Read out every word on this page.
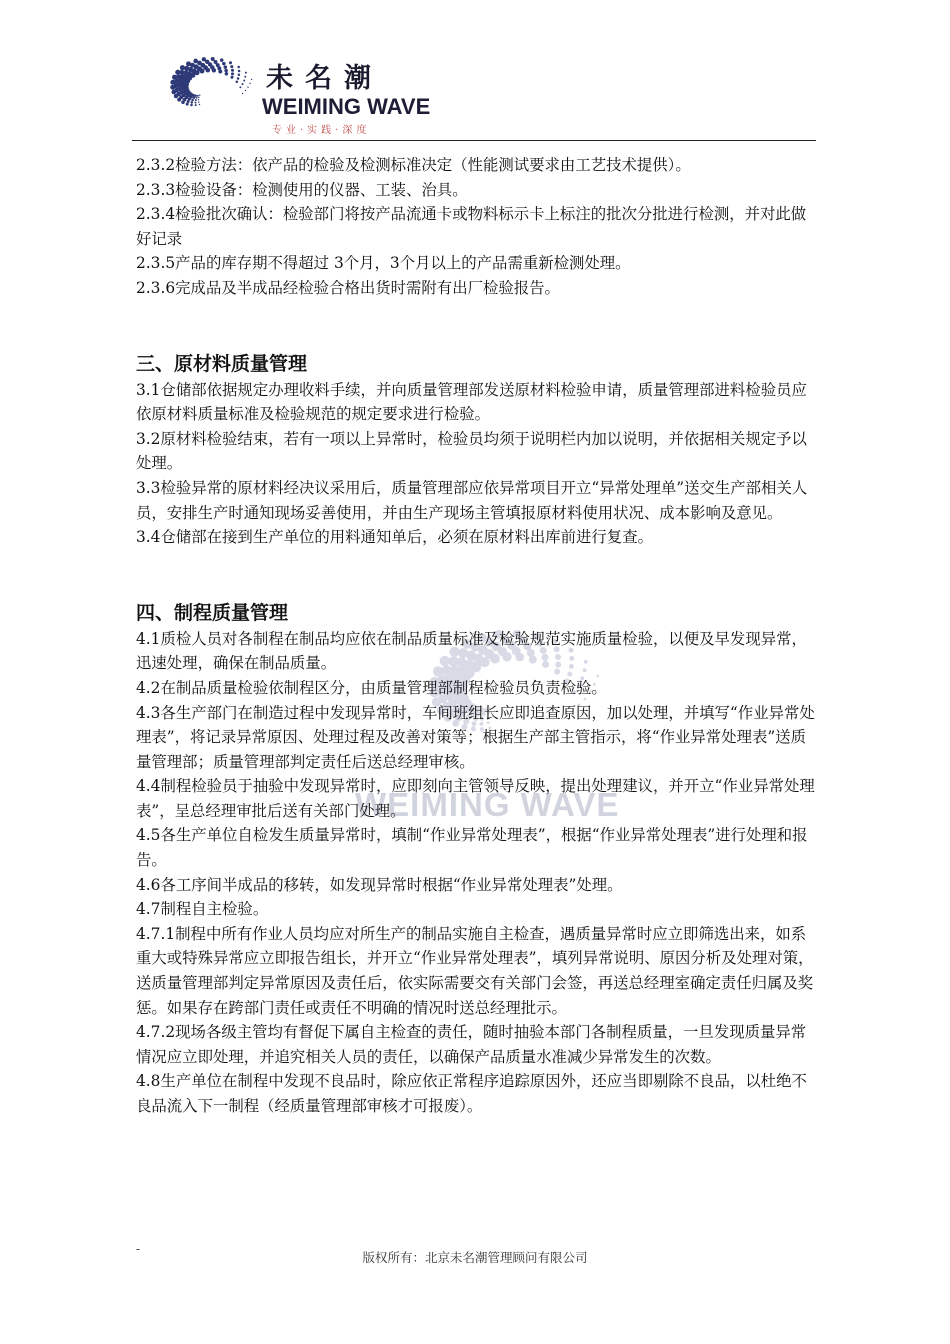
未名潮
WEIMING WAVE
专业·实践·深度
WEIMING WAVE

2.3.2检验方法：依产品的检验及检测标准决定（性能测试要求由工艺技术提供）。

2.3.3检验设备：检测使用的仪器、工装、治具。

2.3.4检验批次确认：检验部门将按产品流通卡或物料标示卡上标注的批次分批进行检测，并对此做好记录

2.3.5产品的库存期不得超过 3个月，3个月以上的产品需重新检测处理。

2.3.6完成品及半成品经检验合格出货时需附有出厂检验报告。

三、原材料质量管理

3.1仓储部依据规定办理收料手续，并向质量管理部发送原材料检验申请，质量管理部进料检验员应依原材料质量标准及检验规范的规定要求进行检验。

3.2原材料检验结束，若有一项以上异常时，检验员均须于说明栏内加以说明，并依据相关规定予以处理。

3.3检验异常的原材料经决议采用后，质量管理部应依异常项目开立“异常处理单”送交生产部相关人员，安排生产时通知现场妥善使用，并由生产现场主管填报原材料使用状况、成本影响及意见。

3.4仓储部在接到生产单位的用料通知单后，必须在原材料出库前进行复查。

四、制程质量管理

4.1质检人员对各制程在制品均应依在制品质量标准及检验规范实施质量检验，以便及早发现异常，迅速处理，确保在制品质量。

4.2在制品质量检验依制程区分，由质量管理部制程检验员负责检验。

4.3各生产部门在制造过程中发现异常时，车间班组长应即追查原因，加以处理，并填写“作业异常处理表”，将记录异常原因、处理过程及改善对策等；根据生产部主管指示，将“作业异常处理表”送质量管理部；质量管理部判定责任后送总经理审核。

4.4制程检验员于抽验中发现异常时，应即刻向主管领导反映，提出处理建议，并开立“作业异常处理表”，呈总经理审批后送有关部门处理。

4.5各生产单位自检发生质量异常时，填制“作业异常处理表”，根据“作业异常处理表”进行处理和报告。

4.6各工序间半成品的移转，如发现异常时根据“作业异常处理表”处理。

4.7制程自主检验。

4.7.1制程中所有作业人员均应对所生产的制品实施自主检查，遇质量异常时应立即筛选出来，如系重大或特殊异常应立即报告组长，并开立“作业异常处理表”，填列异常说明、原因分析及处理对策，送质量管理部判定异常原因及责任后，依实际需要交有关部门会签，再送总经理室确定责任归属及奖惩。如果存在跨部门责任或责任不明确的情况时送总经理批示。

4.7.2现场各级主管均有督促下属自主检查的责任，随时抽验本部门各制程质量，一旦发现质量异常情况应立即处理，并追究相关人员的责任，以确保产品质量水准减少异常发生的次数。

4.8生产单位在制程中发现不良品时，除应依正常程序追踪原因外，还应当即剔除不良品，以杜绝不良品流入下一制程（经质量管理部审核才可报废）。

-
版权所有：北京未名潮管理顾问有限公司
